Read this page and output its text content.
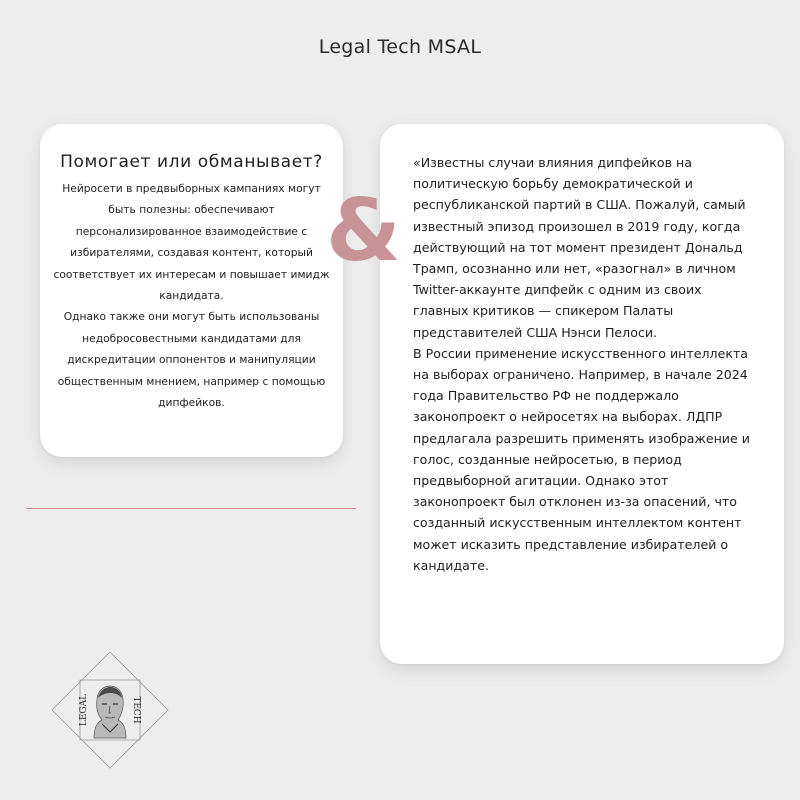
Legal Tech MSAL
Помогает или обманывает?

Нейросети в предвыборных кампаниях могут быть полезны: обеспечивают персонализированное взаимодействие с избирателями, создавая контент, который соответствует их интересам и повышает имидж кандидата.

Однако также они могут быть использованы недобросовестными кандидатами для дискредитации оппонентов и манипуляции общественным мнением, например с помощью дипфейков.

«Известны случаи влияния дипфейков на политическую борьбу демократической и республиканской партий в США. Пожалуй, самый известный эпизод произошел в 2019 году, когда действующий на тот момент президент Дональд Трамп, осознанно или нет, «разогнал» в личном Twitter-аккаунте дипфейк с одним из своих главных критиков — спикером Палаты представителей США Нэнси Пелоси.

В России применение искусственного интеллекта на выборах ограничено. Например, в начале 2024 года Правительство РФ не поддержало законопроект о нейросетях на выборах. ЛДПР предлагала разрешить применять изображение и голос, созданные нейросетью, в период предвыборной агитации. Однако этот законопроект был отклонен из-за опасений, что созданный искусственным интеллектом контент может исказить представление избирателей о кандидате.

&
LEGAL	TECH
